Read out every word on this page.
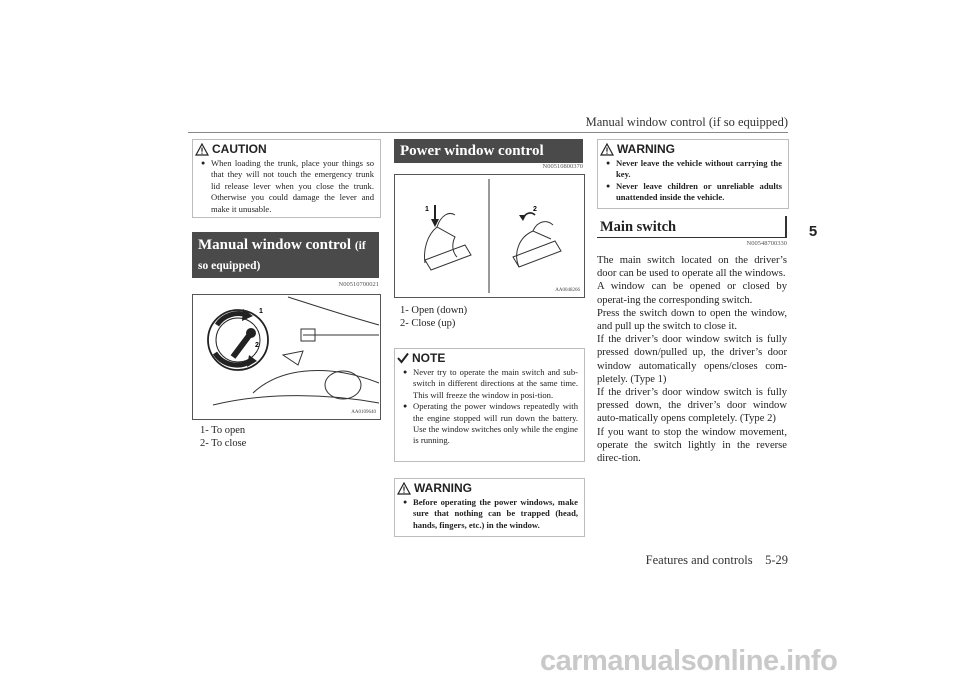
Manual window control (if so equipped)
5
CAUTION
● When loading the trunk, place your things so that they will not touch the emergency trunk lid release lever when you close the trunk. Otherwise you could damage the lever and make it unusable.
Manual window control (if so equipped)
N00510700021
1
2
AA0109640
1- To open
2- To close
Power window control
N00510800370
1	2
AA0048266
1- Open (down)
2- Close (up)
NOTE
● Never try to operate the main switch and sub-switch in different directions at the same time. This will freeze the window in posi-tion.
● Operating the power windows repeatedly with the engine stopped will run down the battery. Use the window switches only while the engine is running.
WARNING
● Before operating the power windows, make sure that nothing can be trapped (head, hands, fingers, etc.) in the window.
WARNING
● Never leave the vehicle without carrying the key.
● Never leave children or unreliable adults unattended inside the vehicle.
Main switch
N00548700330
The main switch located on the driver’s door can be used to operate all the windows.
A window can be opened or closed by operat-ing the corresponding switch.
Press the switch down to open the window, and pull up the switch to close it.
If the driver’s door window switch is fully pressed down/pulled up, the driver’s door window automatically opens/closes com-pletely. (Type 1)
If the driver’s door window switch is fully pressed down, the driver’s door window auto-matically opens completely. (Type 2)
If you want to stop the window movement, operate the switch lightly in the reverse direc-tion.
Features and controls 5-29
carmanualsonline.info
